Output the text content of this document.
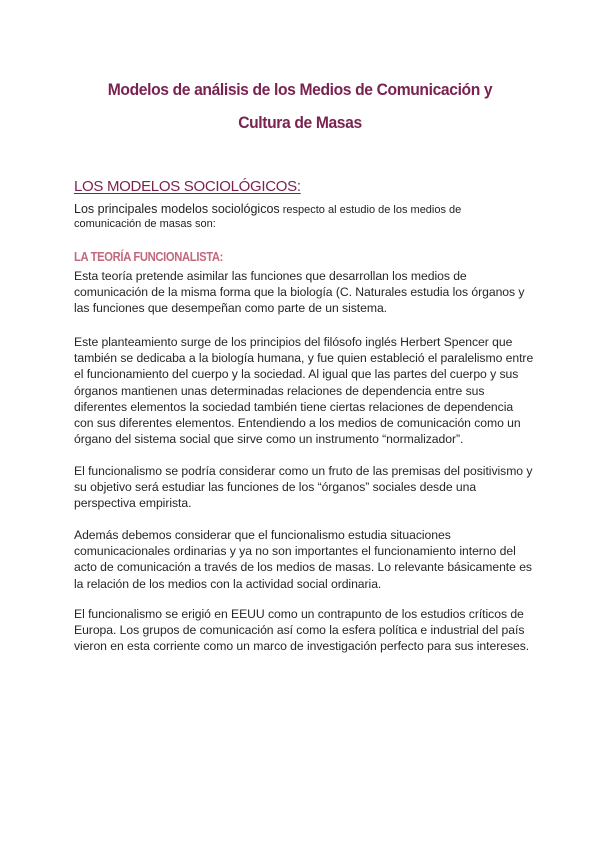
Modelos de análisis de los Medios de Comunicación y
Cultura de Masas
LOS MODELOS SOCIOLÓGICOS:
Los principales modelos sociológicos respecto al estudio de los medios de comunicación de masas son:
LA TEORÍA FUNCIONALISTA:

Esta teoría pretende asimilar las funciones que desarrollan los medios de comunicación de la misma forma que la biología (C. Naturales estudia los órganos y las funciones que desempeñan como parte de un sistema.

Este planteamiento surge de los principios del filósofo inglés Herbert Spencer que también se dedicaba a la biología humana, y fue quien estableció el paralelismo entre el funcionamiento del cuerpo y la sociedad. Al igual que las partes del cuerpo y sus órganos mantienen unas determinadas relaciones de dependencia entre sus diferentes elementos la sociedad también tiene ciertas relaciones de dependencia con sus diferentes elementos. Entendiendo a los medios de comunicación como un órgano del sistema social que sirve como un instrumento “normalizador”.

El funcionalismo se podría considerar como un fruto de las premisas del positivismo y su objetivo será estudiar las funciones de los “órganos” sociales desde una perspectiva empirista.

Además debemos considerar que el funcionalismo estudia situaciones comunicacionales ordinarias y ya no son importantes el funcionamiento interno del acto de comunicación a través de los medios de masas. Lo relevante básicamente es la relación de los medios con la actividad social ordinaria.

El funcionalismo se erigió en EEUU como un contrapunto de los estudios críticos de Europa. Los grupos de comunicación así como la esfera política e industrial del país vieron en esta corriente como un marco de investigación perfecto para sus intereses.
